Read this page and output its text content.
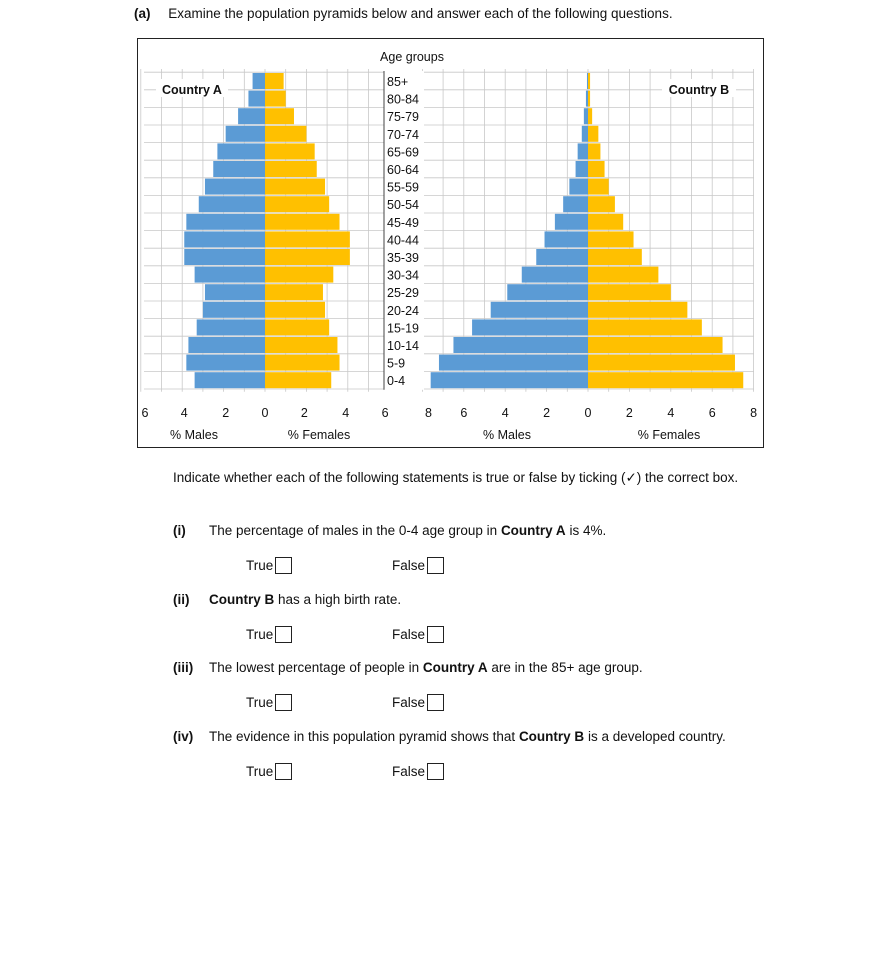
(a) Examine the population pyramids below and answer each of the following questions.
85+
80-84
75-79
70-74
65-69
60-64
55-59
50-54
45-49
40-44
35-39
30-34
25-29
20-24
15-19
10-14
5-9
0-4
Age groups
Country A	Country B
6	4	2	0	2	4	6	8 6	4	2	0	2	4	6	8
% Males	% Females	% Males	% Females
Indicate whether each of the following statements is true or false by ticking (✓) the correct box.
(i) The percentage of males in the 0-4 age group in Country A is 4%.
True	False
(ii) Country B has a high birth rate.
True	False
(iii) The lowest percentage of people in Country A are in the 85+ age group.
True	False
(iv) The evidence in this population pyramid shows that Country B is a developed country.
True	False
